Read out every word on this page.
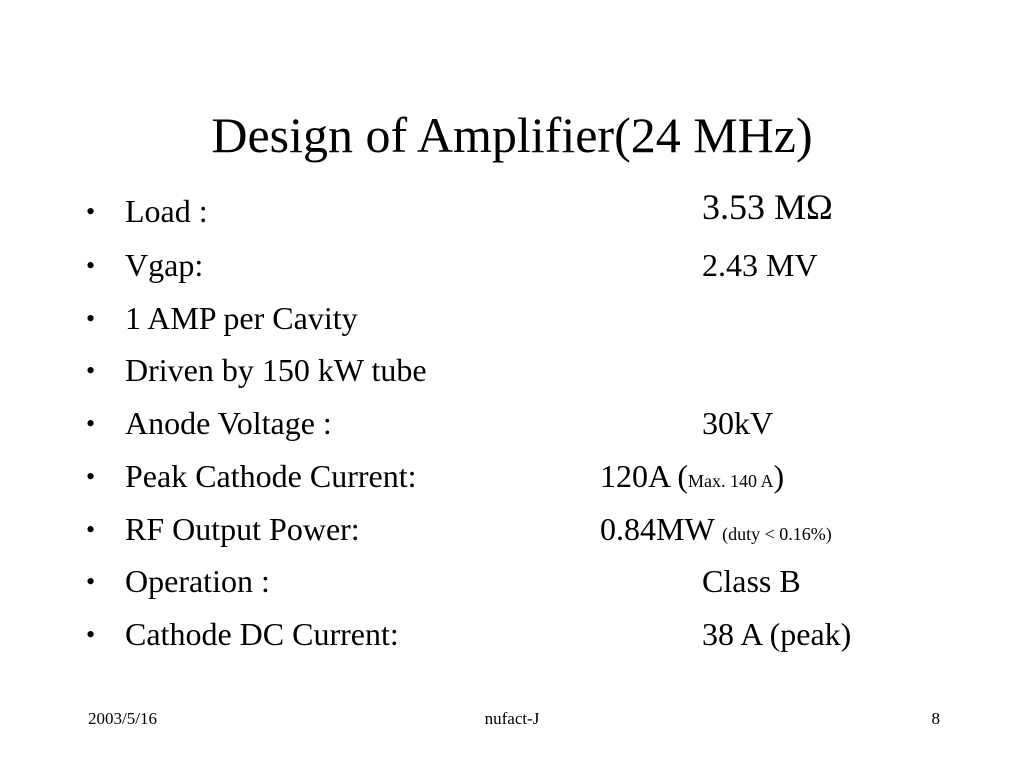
Design of Amplifier(24 MHz)
• Load :	3.53 MΩ
• Vgap:	2.43 MV
• 1 AMP per Cavity
• Driven by 150 kW tube
• Anode Voltage :	30kV
• Peak Cathode Current:	120A (Max. 140 A)
• RF Output Power:	0.84MW (duty < 0.16%)
• Operation :	Class B
• Cathode DC Current:	38 A (peak)
2003/5/16	nufact-J	8
